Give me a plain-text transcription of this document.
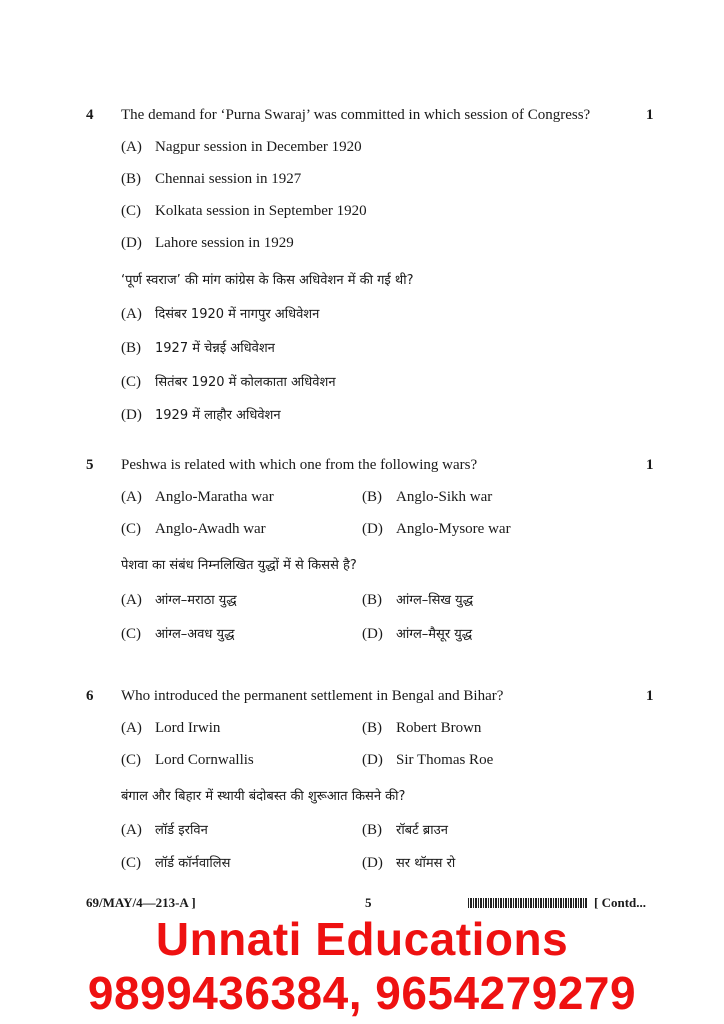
4 The demand for ‘Purna Swaraj’ was committed in which session of Congress?	1
(A) Nagpur session in December 1920
(B) Chennai session in 1927
(C) Kolkata session in September 1920
(D) Lahore session in 1929
‘पूर्ण स्वराज’ की मांग कांग्रेस के किस अधिवेशन में की गई थी?
(A) दिसंबर 1920 में नागपुर अधिवेशन
(B) 1927 में चेन्नई अधिवेशन
(C) सितंबर 1920 में कोलकाता अधिवेशन
(D) 1929 में लाहौर अधिवेशन
5 Peshwa is related with which one from the following wars?	1
(A) Anglo-Maratha war	(B) Anglo-Sikh war
(C) Anglo-Awadh war	(D) Anglo-Mysore war
पेशवा का संबंध निम्नलिखित युद्धों में से किससे है?
(A) आंग्ल–मराठा युद्ध	(B) आंग्ल–सिख युद्ध
(C) आंग्ल–अवध युद्ध	(D) आंग्ल–मैसूर युद्ध
6 Who introduced the permanent settlement in Bengal and Bihar?	1
(A) Lord Irwin	(B) Robert Brown
(C) Lord Cornwallis	(D) Sir Thomas Roe
बंगाल और बिहार में स्थायी बंदोबस्त की शुरूआत किसने की?
(A) लॉर्ड इरविन	(B) रॉबर्ट ब्राउन
(C) लॉर्ड कॉर्नवालिस	(D) सर थॉमस रो
69/MAY/4—213-A ]	5	[ Contd...
Unnati Educations
9899436384, 9654279279
